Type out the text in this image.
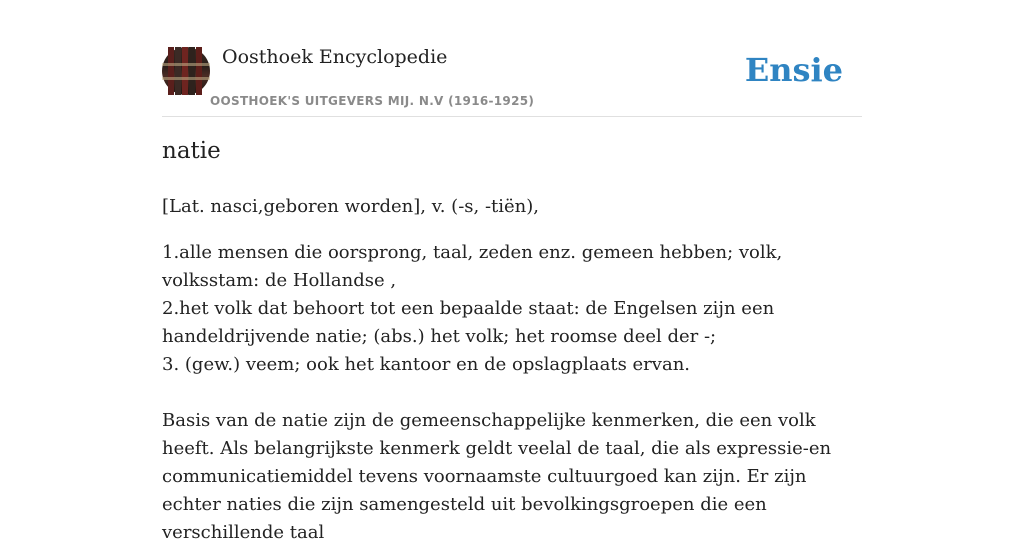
Oosthoek Encyclopedie
OOSTHOEK'S UITGEVERS MIJ. N.V (1916-1925)
Ensie
natie

[Lat. nasci,geboren worden], v. (-s, -tiën),

1.alle mensen die oorsprong, taal, zeden enz. gemeen hebben; volk, volksstam: de Hollandse ,
2.het volk dat behoort tot een bepaalde staat: de Engelsen zijn een handeldrijvende natie; (abs.) het volk; het roomse deel der -;
3. (gew.) veem; ook het kantoor en de opslagplaats ervan.

Basis van de natie zijn de gemeenschappelijke kenmerken, die een volk heeft. Als belangrijkste kenmerk geldt veelal de taal, die als expressie-en communicatiemiddel tevens voornaamste cultuurgoed kan zijn. Er zijn echter naties die zijn samengesteld uit bevolkingsgroepen die een verschillende taal
